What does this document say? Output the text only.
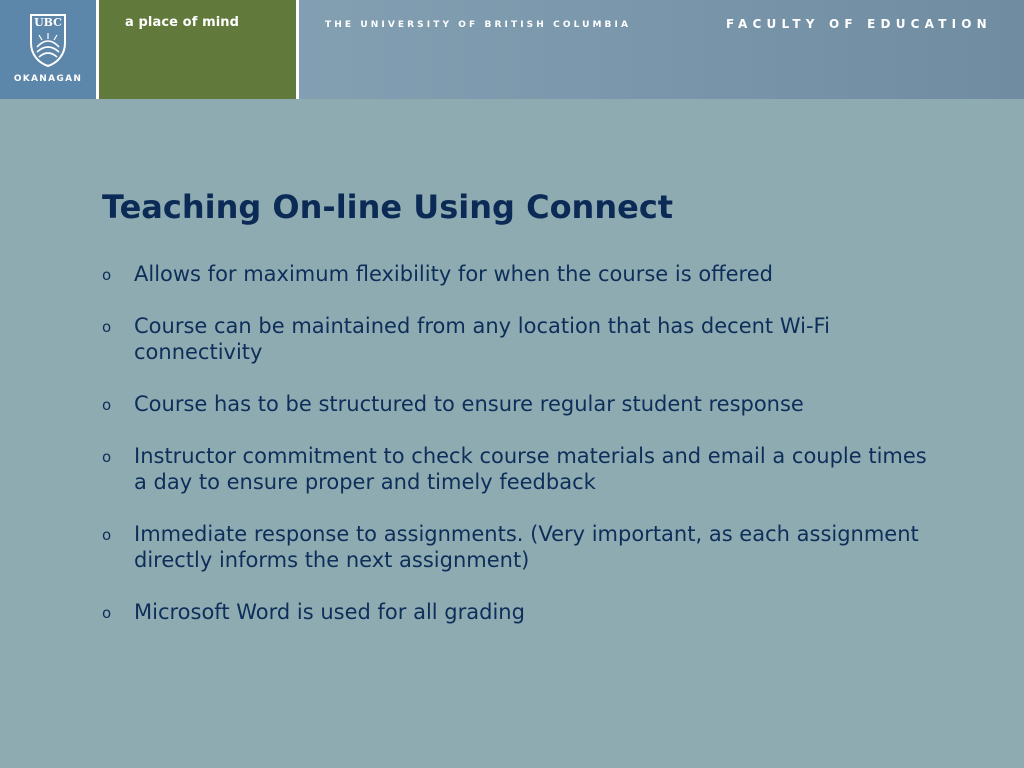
UBC
OKANAGAN
a place of mind	THE UNIVERSITY OF BRITISH COLUMBIA	FACULTY OF EDUCATION
Teaching On-line Using Connect
o Allows for maximum flexibility for when the course is offered
o Course can be maintained from any location that has decent Wi-Fi connectivity
o Course has to be structured to ensure regular student response
o Instructor commitment to check course materials and email a couple times a day to ensure proper and timely feedback
o Immediate response to assignments. (Very important, as each assignment directly informs the next assignment)
o Microsoft Word is used for all grading
